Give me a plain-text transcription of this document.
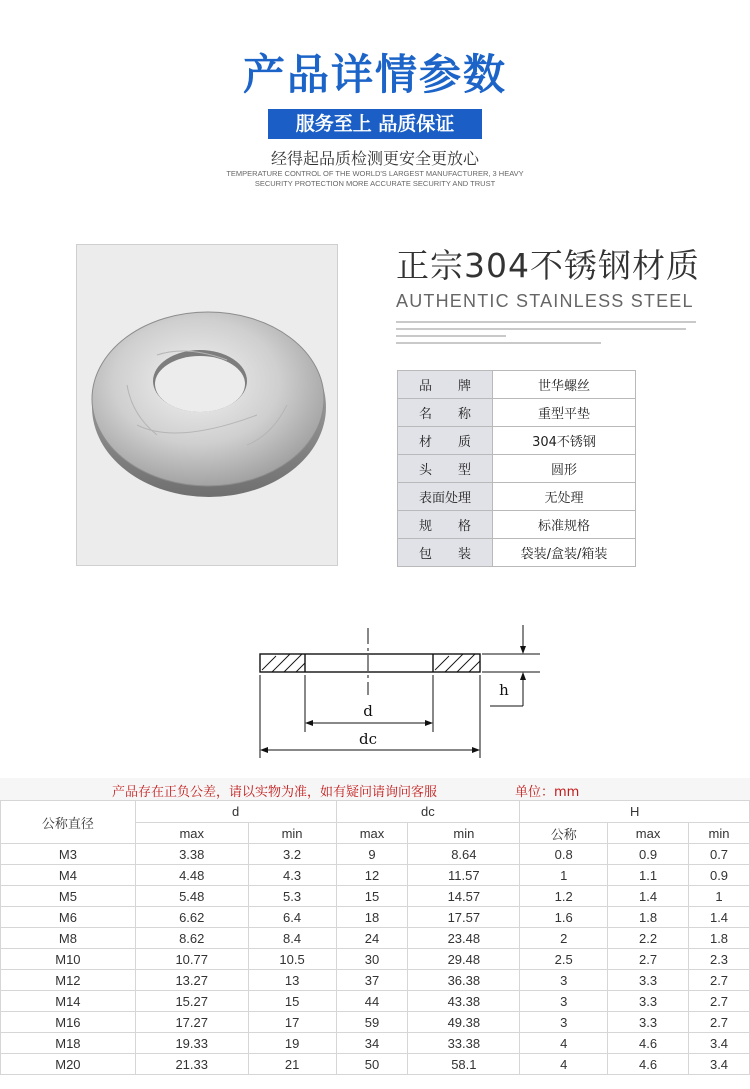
产品详情参数
服务至上 品质保证
经得起品质检测更安全更放心
TEMPERATURE CONTROL OF THE WORLD'S LARGEST MANUFACTURER, 3 HEAVY
SECURITY PROTECTION MORE ACCURATE SECURITY AND TRUST
正宗304不锈钢材质
AUTHENTIC STAINLESS STEEL
品　　牌	世华螺丝
名　　称	重型平垫
材　　质	304不锈钢
头　　型	圆形
表面处理	无处理
规　　格	标准规格
包　　装	袋装/盒装/箱装
d
dc
h
产品存在正负公差，请以实物为准，如有疑问请询问客服	单位：mm
公称直径	d		dc		H		
	max	min	max	min	公称	max	min
M3	3.38	3.2	9	8.64	0.8	0.9	0.7
M4	4.48	4.3	12	11.57	1	1.1	0.9
M5	5.48	5.3	15	14.57	1.2	1.4	1
M6	6.62	6.4	18	17.57	1.6	1.8	1.4
M8	8.62	8.4	24	23.48	2	2.2	1.8
M10	10.77	10.5	30	29.48	2.5	2.7	2.3
M12	13.27	13	37	36.38	3	3.3	2.7
M14	15.27	15	44	43.38	3	3.3	2.7
M16	17.27	17	59	49.38	3	3.3	2.7
M18	19.33	19	34	33.38	4	4.6	3.4
M20	21.33	21	50	58.1	4	4.6	3.4
